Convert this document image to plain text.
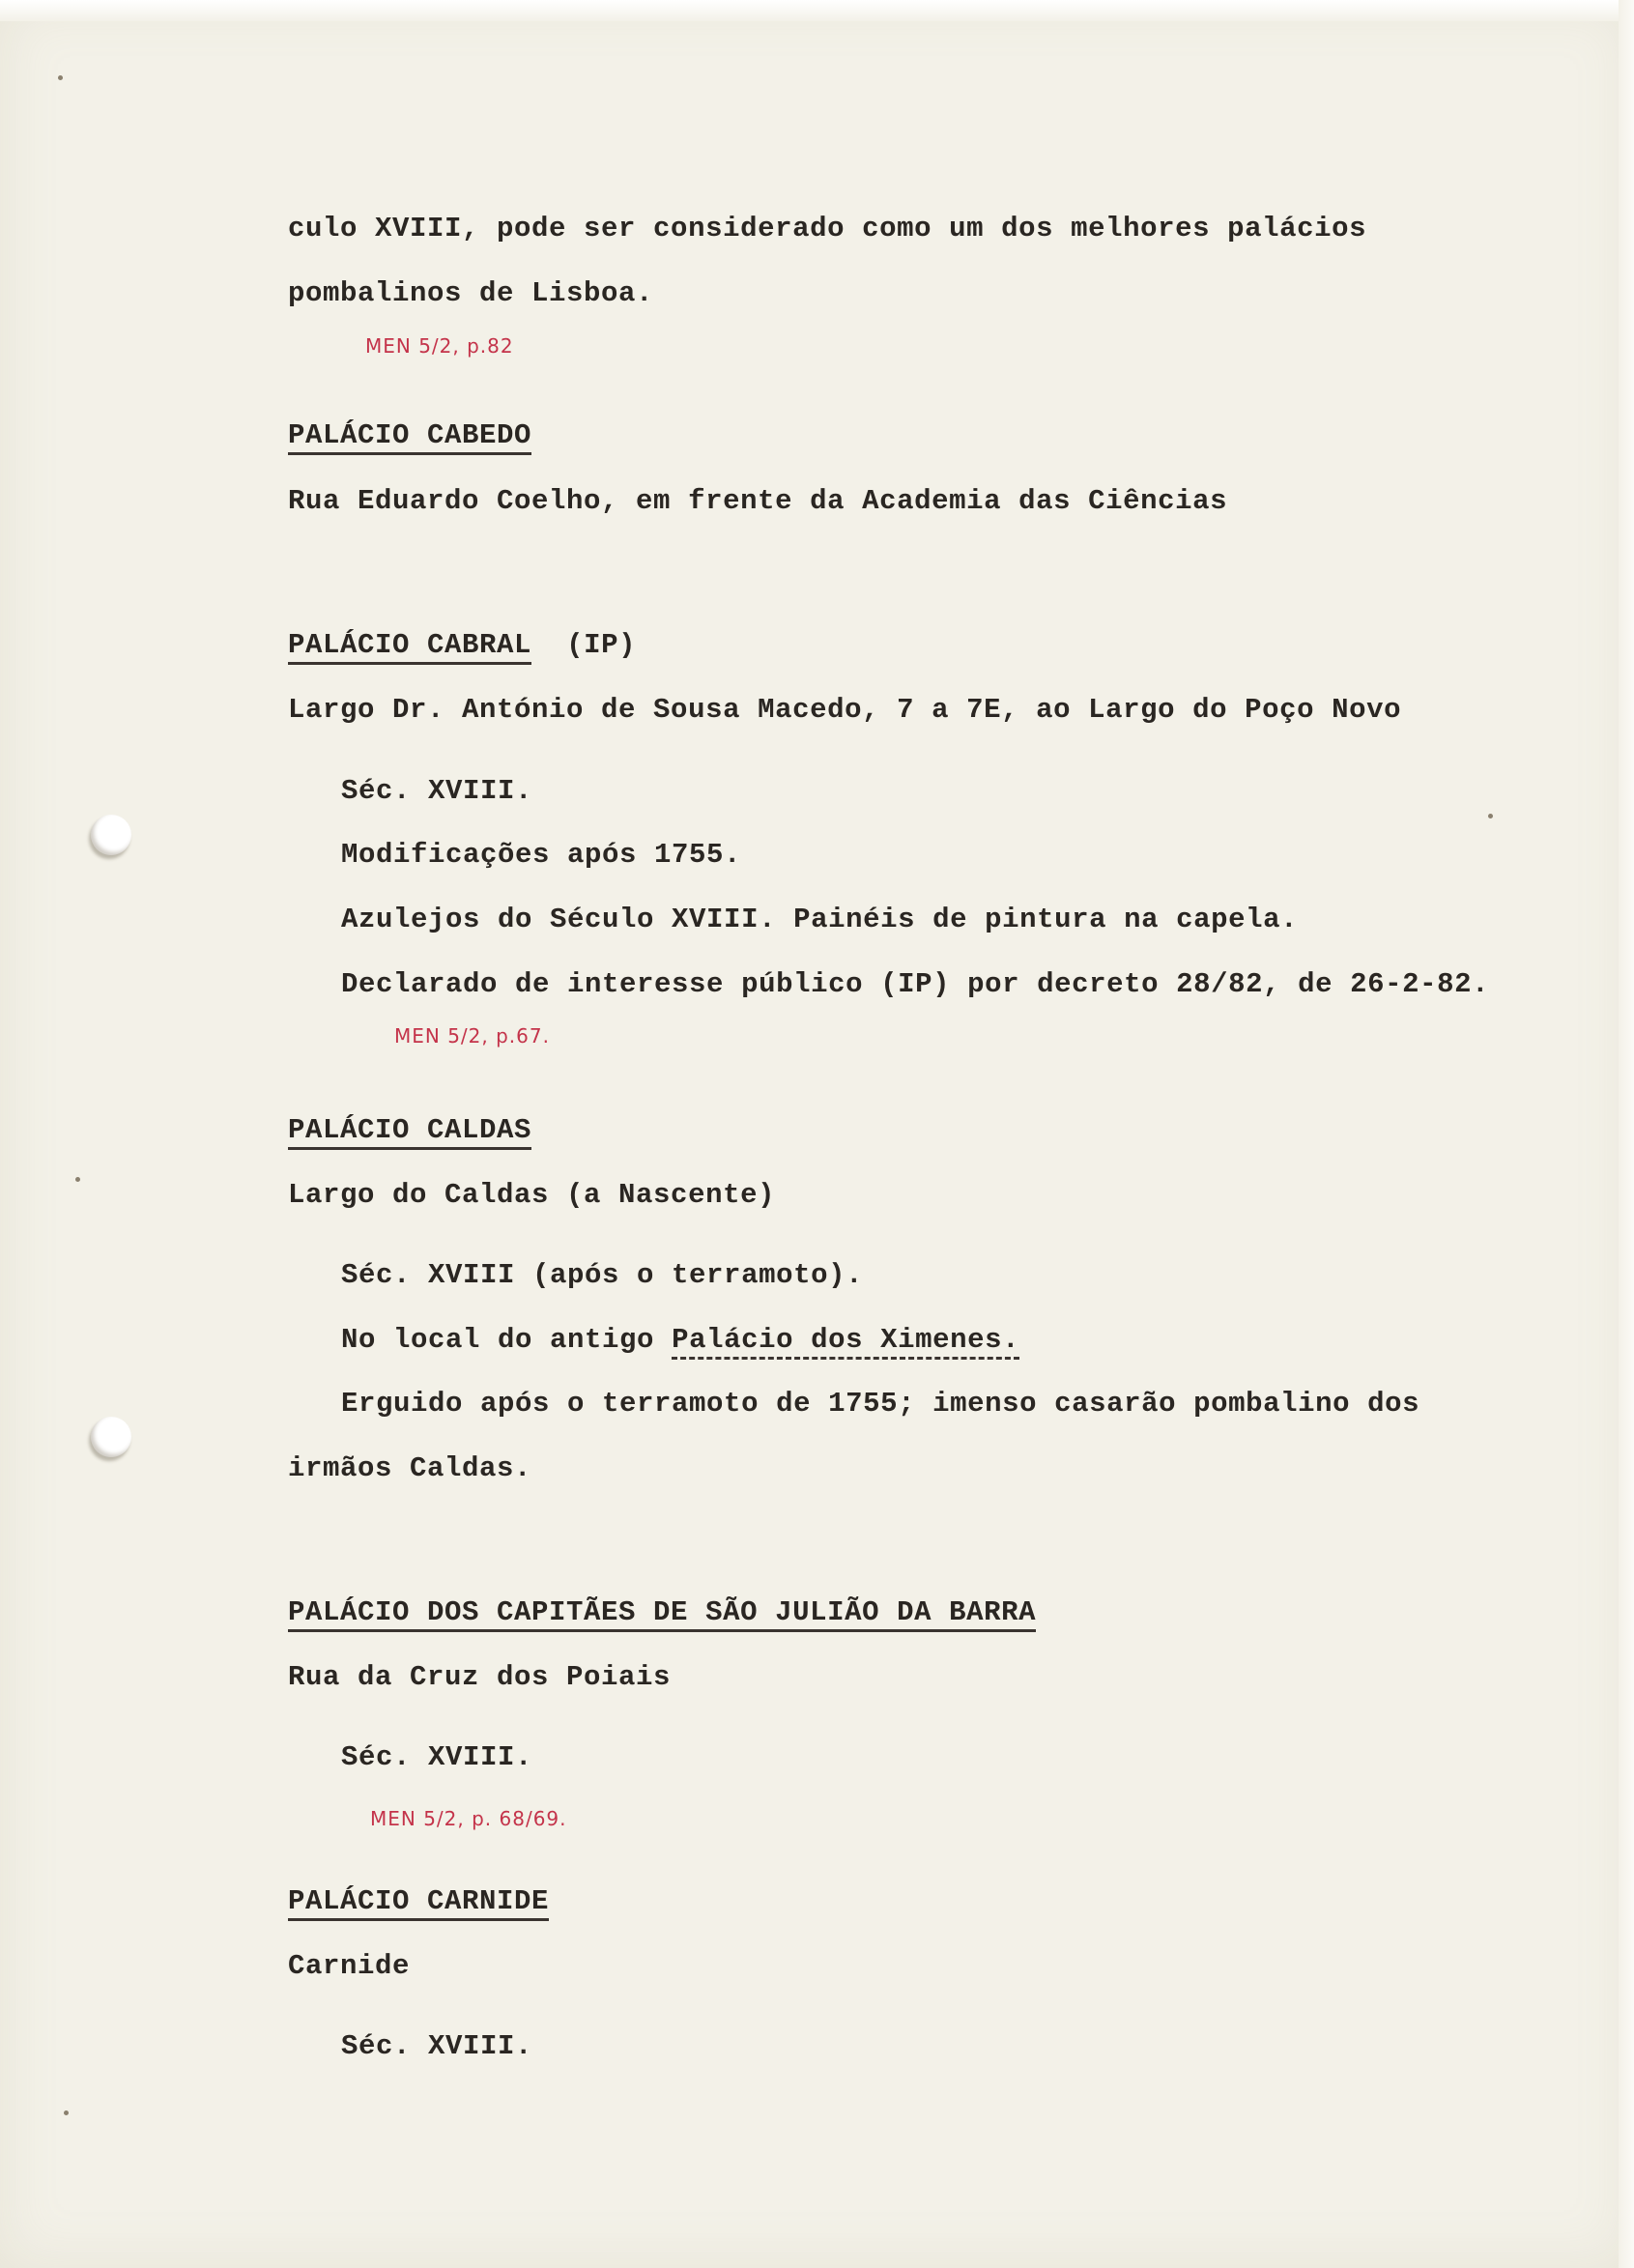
culo XVIII, pode ser considerado como um dos melhores palácios
pombalinos de Lisboa.
MEN 5/2, p.82
PALÁCIO CABEDO
Rua Eduardo Coelho, em frente da Academia das Ciências
PALÁCIO CABRAL (IP)
Largo Dr. António de Sousa Macedo, 7 a 7E, ao Largo do Poço Novo
Séc. XVIII.
Modificações após 1755.
Azulejos do Século XVIII. Painéis de pintura na capela.
Declarado de interesse público (IP) por decreto 28/82, de 26-2-82.
MEN 5/2, p.67.
PALÁCIO CALDAS
Largo do Caldas (a Nascente)
Séc. XVIII (após o terramoto).
No local do antigo Palácio dos Ximenes.
Erguido após o terramoto de 1755; imenso casarão pombalino dos
irmãos Caldas.
PALÁCIO DOS CAPITÃES DE SÃO JULIÃO DA BARRA
Rua da Cruz dos Poiais
Séc. XVIII.
MEN 5/2, p. 68/69.
PALÁCIO CARNIDE
Carnide
Séc. XVIII.
